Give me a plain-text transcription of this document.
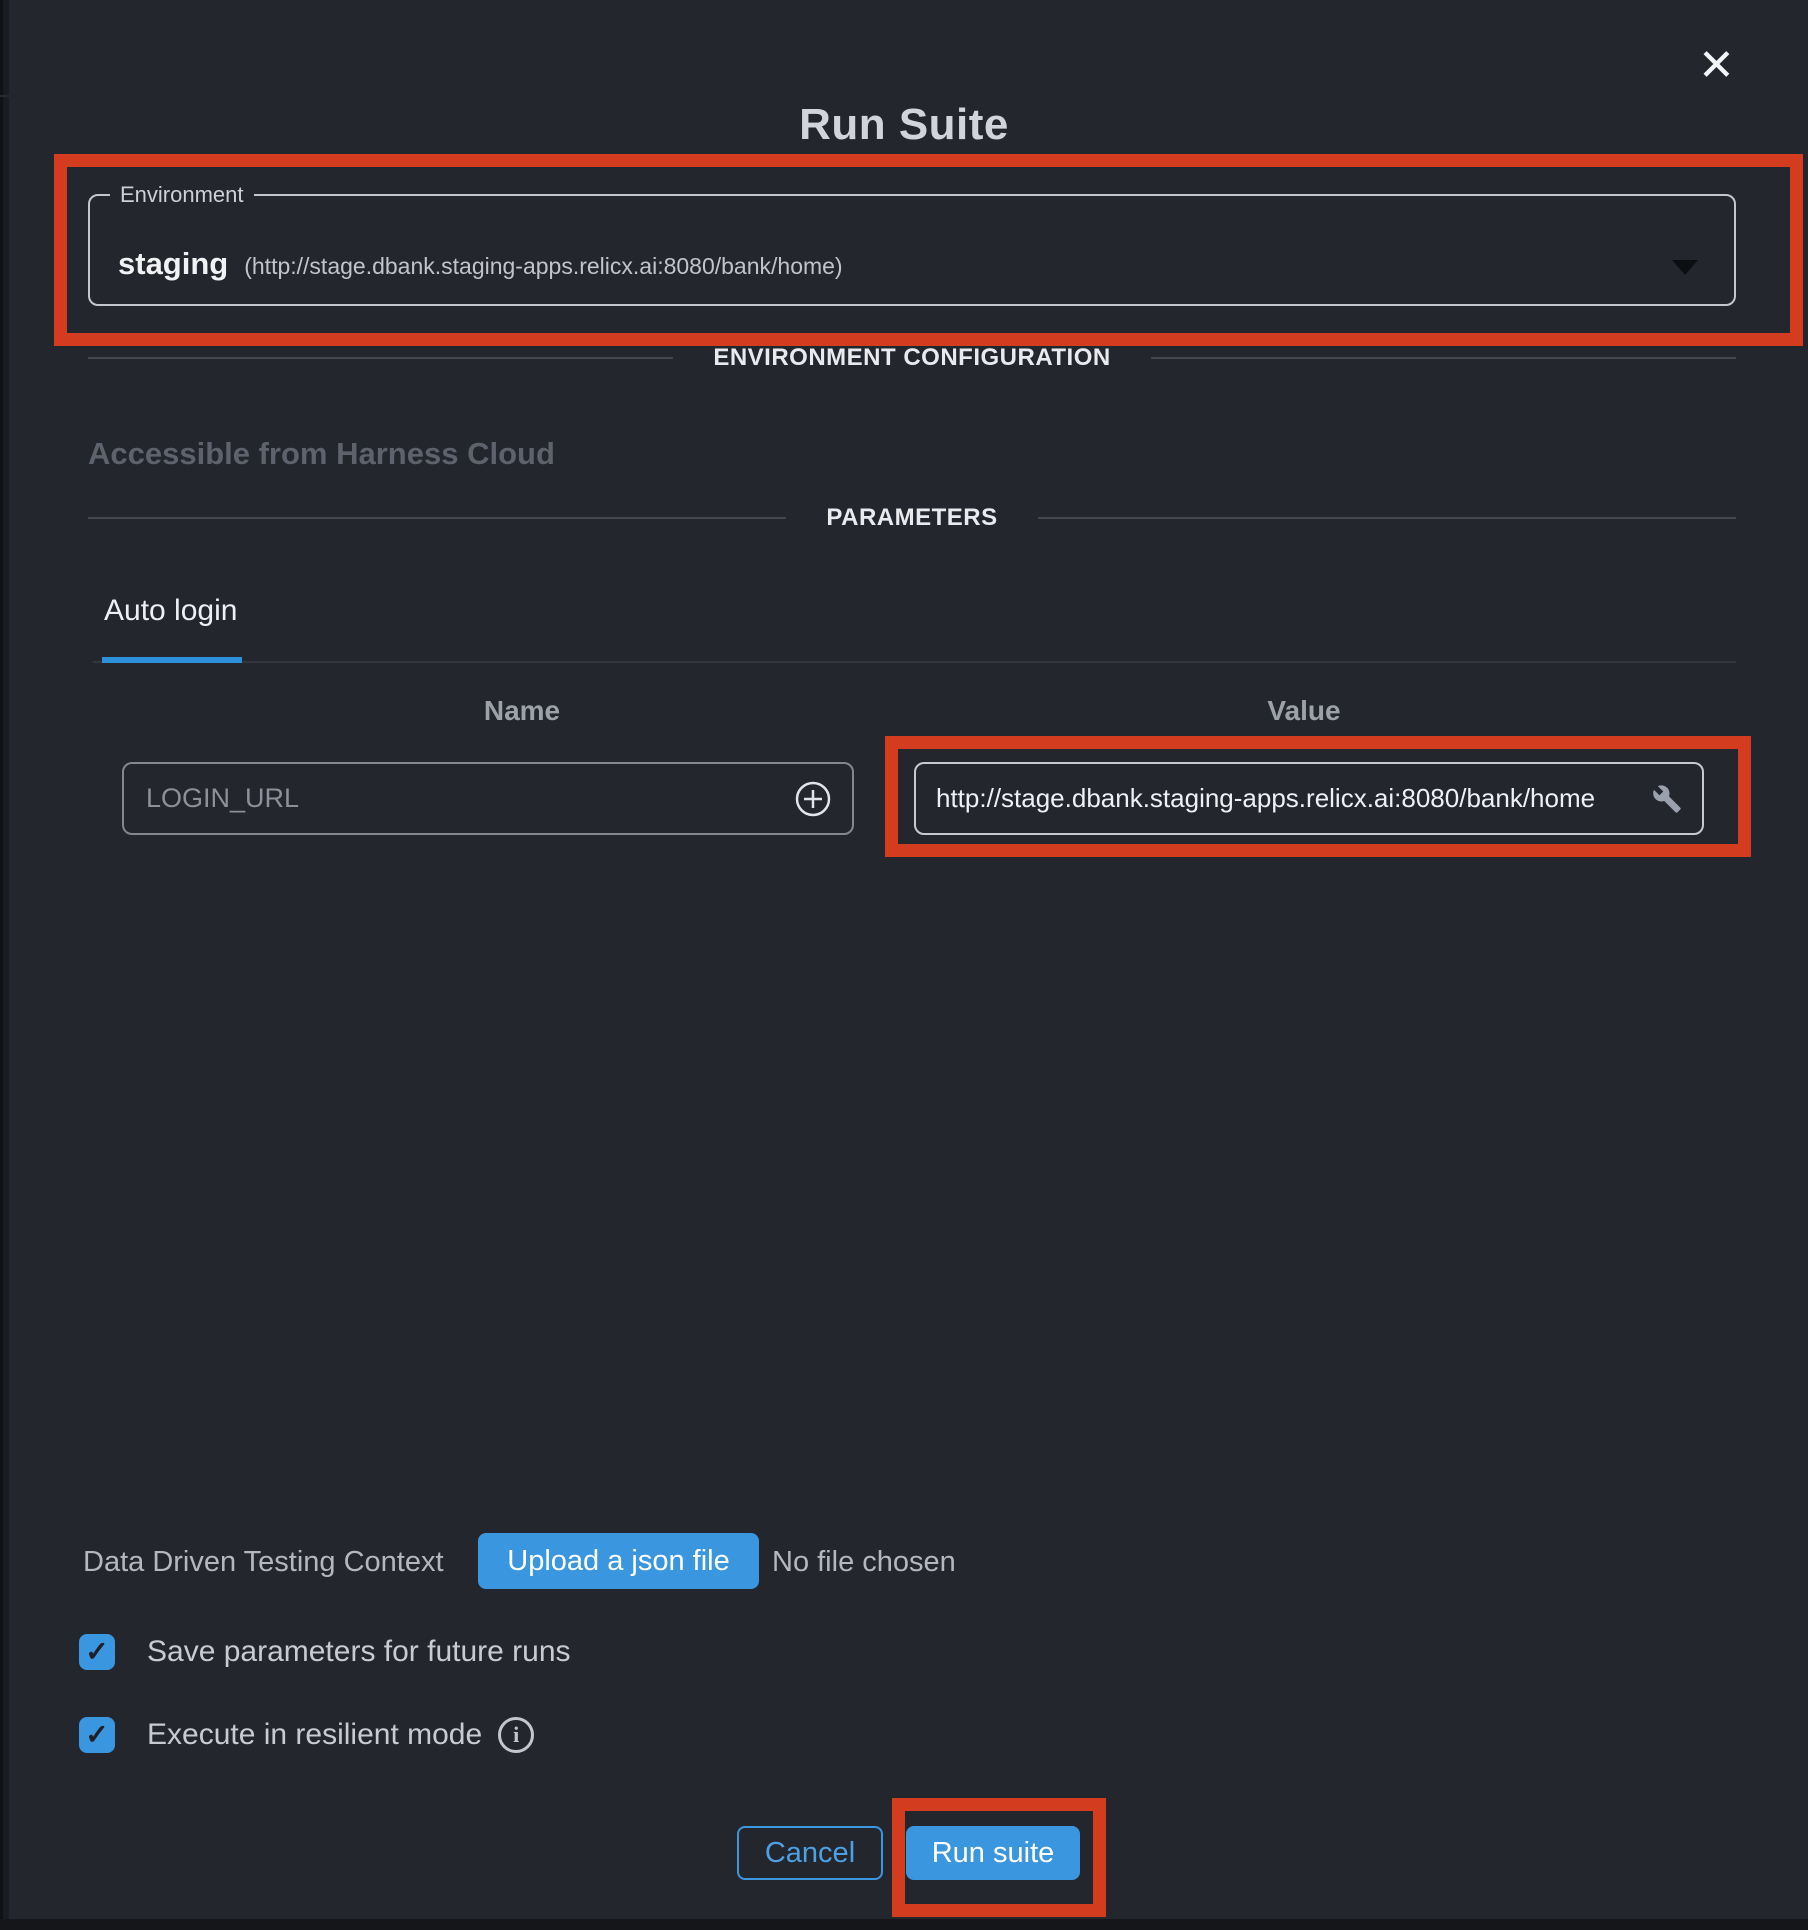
✕
Run Suite
Environment
staging (http://stage.dbank.staging-apps.relicx.ai:8080/bank/home)
ENVIRONMENT CONFIGURATION
Accessible from Harness Cloud
PARAMETERS
Auto login
Name	Value
LOGIN_URL	http://stage.dbank.staging-apps.relicx.ai:8080/bank/home
Data Driven Testing Context	Upload a json file	No file chosen
✓ Save parameters for future runs
✓ Execute in resilient mode	i
Cancel	Run suite
